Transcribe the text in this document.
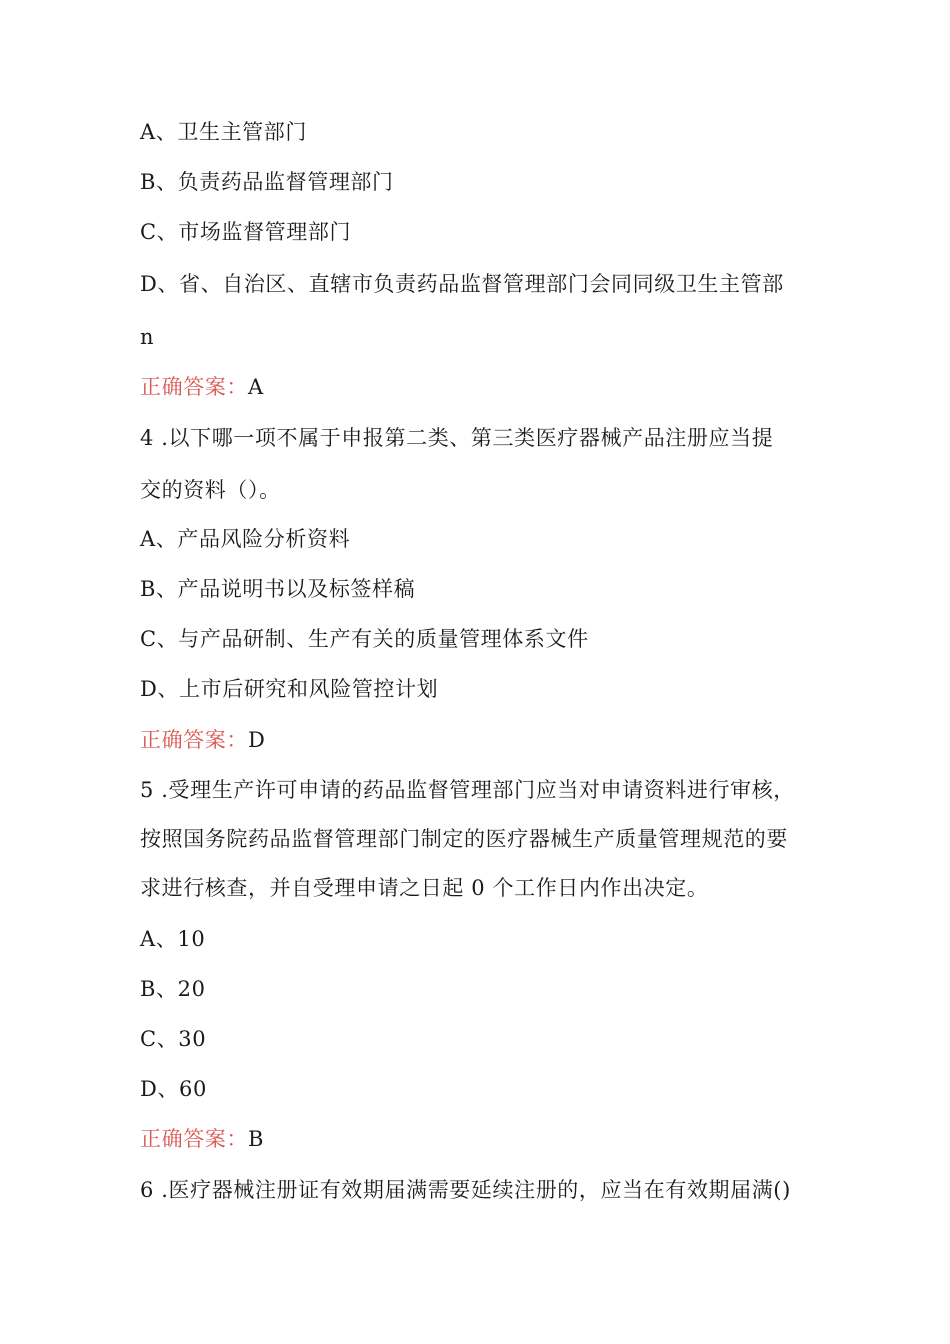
A、卫生主管部门
B、负责药品监督管理部门
C、市场监督管理部门
D、省、自治区、直辖市负责药品监督管理部门会同同级卫生主管部
n
正确答案：A
4 .以下哪一项不属于申报第二类、第三类医疗器械产品注册应当提
交的资料（）。
A、产品风险分析资料
B、产品说明书以及标签样稿
C、与产品研制、生产有关的质量管理体系文件
D、上市后研究和风险管控计划
正确答案：D
5 .受理生产许可申请的药品监督管理部门应当对申请资料进行审核，
按照国务院药品监督管理部门制定的医疗器械生产质量管理规范的要
求进行核查，并自受理申请之日起 0 个工作日内作出决定。
A、10
B、20
C、30
D、60
正确答案：B
6 .医疗器械注册证有效期届满需要延续注册的，应当在有效期届满()
